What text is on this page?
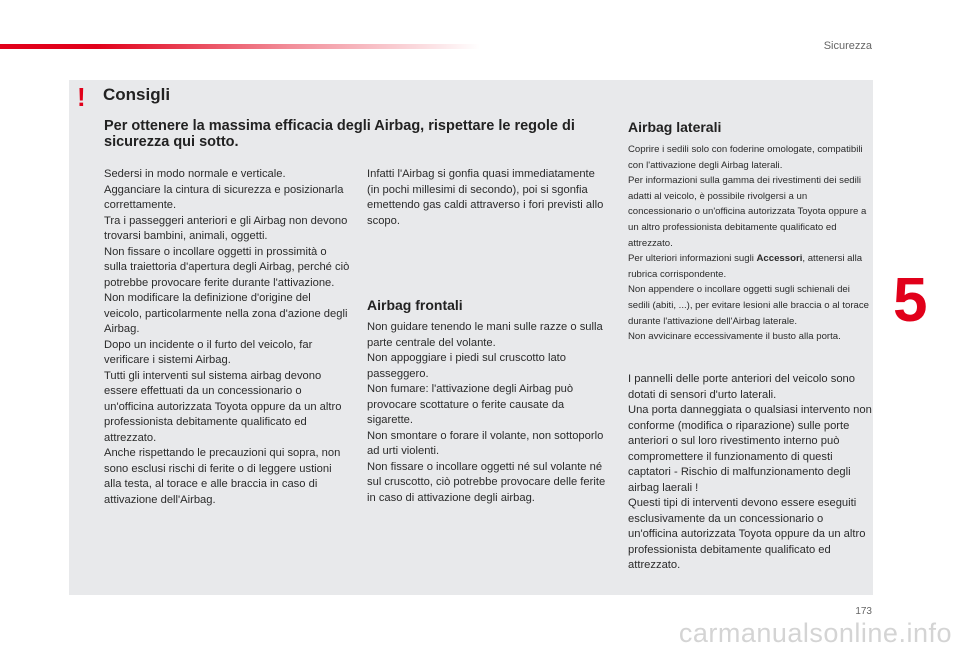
Sicurezza
! Consigli
Per ottenere la massima efficacia degli Airbag, rispettare le regole di sicurezza qui sotto.
Sedersi in modo normale e verticale.
Agganciare la cintura di sicurezza e posizionarla correttamente.
Tra i passeggeri anteriori e gli Airbag non devono trovarsi bambini, animali, oggetti.
Non fissare o incollare oggetti in prossimità o sulla traiettoria d'apertura degli Airbag, perché ciò potrebbe provocare ferite durante l'attivazione.
Non modificare la definizione d'origine del veicolo, particolarmente nella zona d'azione degli Airbag.
Dopo un incidente o il furto del veicolo, far verificare i sistemi Airbag.
Tutti gli interventi sul sistema airbag devono essere effettuati da un concessionario o un'officina autorizzata Toyota oppure da un altro professionista debitamente qualificato ed attrezzato.
Anche rispettando le precauzioni qui sopra, non sono esclusi rischi di ferite o di leggere ustioni alla testa, al torace e alle braccia in caso di attivazione dell'Airbag.
Infatti l'Airbag si gonfia quasi immediatamente (in pochi millesimi di secondo), poi si sgonfia emettendo gas caldi attraverso i fori previsti allo scopo.
Airbag frontali
Non guidare tenendo le mani sulle razze o sulla parte centrale del volante.
Non appoggiare i piedi sul cruscotto lato passeggero.
Non fumare: l'attivazione degli Airbag può provocare scottature o ferite causate da sigarette.
Non smontare o forare il volante, non sottoporlo ad urti violenti.
Non fissare o incollare oggetti né sul volante né sul cruscotto, ciò potrebbe provocare delle ferite in caso di attivazione degli airbag.
Airbag laterali
Coprire i sedili solo con foderine omologate, compatibili con l'attivazione degli Airbag laterali.
Per informazioni sulla gamma dei rivestimenti dei sedili adatti al veicolo, è possibile rivolgersi a un concessionario o un'officina autorizzata Toyota oppure a un altro professionista debitamente qualificato ed attrezzato.
Per ulteriori informazioni sugli Accessori, attenersi alla rubrica corrispondente.
Non appendere o incollare oggetti sugli schienali dei sedili (abiti, ...), per evitare lesioni alle braccia o al torace durante l'attivazione dell'Airbag laterale.
Non avvicinare eccessivamente il busto alla porta.
I pannelli delle porte anteriori del veicolo sono dotati di sensori d'urto laterali.
Una porta danneggiata o qualsiasi intervento non conforme (modifica o riparazione) sulle porte anteriori o sul loro rivestimento interno può compromettere il funzionamento di questi captatori - Rischio di malfunzionamento degli airbag laerali !
Questi tipi di interventi devono essere eseguiti esclusivamente da un concessionario o un'officina autorizzata Toyota oppure da un altro professionista debitamente qualificato ed attrezzato.
5
173
carmanualsonline.info
